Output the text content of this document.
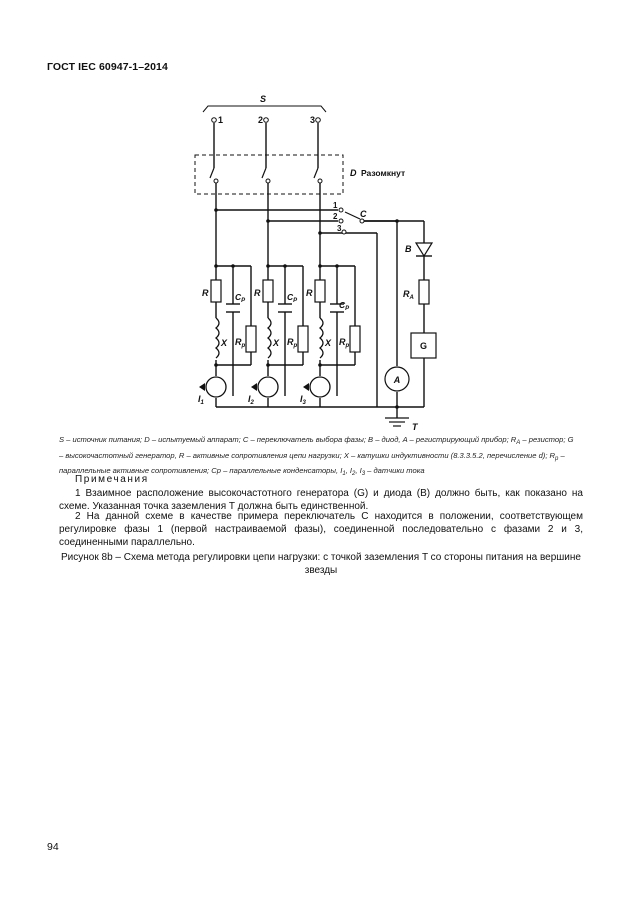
ГОСТ IEC 60947-1–2014
S
1	2	3
D Разомкнут
1
2
3
C
B
$R_A$
G
A
T
R	$C_P$
X $R_p$
$I_1$
R	$C_P$
X $R_p$
$I_2$
R
$C_P$
X $R_p$
$I_3$
S – источник питания; D – испытуемый аппарат; C – переключатель выбора фазы; B – диод, A – регистрирующий прибор; $R_A$ – резистор; G – высокочастотный генератор, R – активные сопротивления цепи нагрузки; X – катушки индуктивности (8.3.3.5.2, перечисление d); $R_p$ – параллельные активные сопротивления; Cp – параллельные конденсаторы, $I_1$, $I_2$, $I_3$ – датчики тока
Примечания

1 Взаимное расположение высокочастотного генератора (G) и диода (B) должно быть, как показано на схеме. Указанная точка заземления T должна быть единственной.

2 На данной схеме в качестве примера переключатель C находится в положении, соответствующем регулировке фазы 1 (первой настраиваемой фазы), соединенной последовательно с фазами 2 и 3, соединенными параллельно.

Рисунок 8b – Схема метода регулировки цепи нагрузки: с точкой заземления T со стороны питания на вершине звезды
94
